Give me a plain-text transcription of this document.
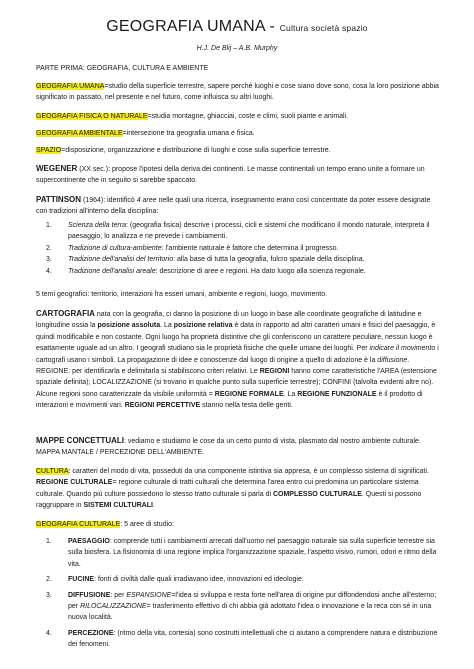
GEOGRAFIA UMANA - Cultura società spazio
H.J. De Blij – A.B. Murphy
PARTE PRIMA: GEOGRAFIA, CULTURA E AMBIENTE
GEOGRAFIA UMANA=studio della superficie terrestre, sapere perché luoghi e cose siano dove sono, cosa la loro posizione abbia significato in passato, nel presente e nel futuro, come influisca su altri luoghi.
GEOGRAFIA FISICA O NATURALE=studia montagne, ghiacciai, coste e climi, suoli piante e animali.
GEOGRAFIA AMBIENTALE=intersezione tra geografia umana e fisica.
SPAZIO=disposizione, organizzazione e distribuzione di luoghi e cose sulla superficie terrestre.
WEGENER (XX sec.): propose l'ipotesi della deriva dei continenti. Le masse continentali un tempo erano unite a formare un supercontinente che in seguito si sarebbe spaccato.
PATTINSON (1964): identificò 4 aree nelle quali una ricerca, insegnamento erano così concentrate da poter essere designate con tradizioni all'interno della disciplina:
1. Scienza della terra: (geografia fisica) descrive i processi, cicli e sistemi che modificano il mondo naturale, interpreta il paesaggio, lo analizza e ne prevede i cambiamenti.
2. Tradizione di cultura-ambiente: l'ambiente naturale è fattore che determina il progresso.
3. Tradizione dell'analisi del territorio: alla base di tutta la geografia, fulcro spaziale della disciplina.
4. Tradizione dell'analisi areale: descrizione di aree e regioni. Ha dato luogo alla scienza regionale.
5 temi geografici: territorio, interazioni fra esseri umani, ambiente e regioni, luogo, movimento.
CARTOGRAFIA nata con la geografia, ci danno la posizione di un luogo in base alle coordinate geografiche di latitudine e longitudine ossia la posizione assoluta. La posizione relativa è data in rapporto ad altri caratteri umani e fisici del paesaggio, è quindi modificabile e non costante. Ogni luogo ha proprietà distintive che gli conferiscono un carattere peculiare, nessun luogo è esattamente uguale ad un altro. I geografi studiano sia le proprietà fisiche che quelle umane dei luoghi. Per indicare il movimento i cartografi usano i simboli. La propagazione di idee e conoscenze dal luogo di origine a quello di adozione è la diffusione. REGIONE: per identificarla e delimitarla si stabiliscono criteri relativi. Le REGIONI hanno come caratteristiche l'AREA (estensione spaziale definita); LOCALIZZAZIONE (si trovano in qualche punto sulla superficie terrestre); CONFINI (talvolta evidenti altre no). Alcune regioni sono caratterizzate da visibile uniformità = REGIONE FORMALE. La REGIONE FUNZIONALE è il prodotto di interazioni e movimenti vari. REGIONI PERCETTIVE stanno nella testa delle genti.
MAPPE CONCETTUALI: vediamo e studiamo le cose da un certo punto di vista, plasmato dal nostro ambiente culturale. MAPPA MANTALE / PERCEZIONE DELL'AMBIENTE.
CULTURA: caratteri del modo di vita, posseduti da una componente istintiva sia appresa, è un complesso sistema di significati. REGIONE CULTURALE= regione culturale di tratti culturali che determina l'area entro cui predomina un particolare sistema culturale. Quando più culture possiedono lo stesso tratto culturale si parla di COMPLESSO CULTURALE. Questi si possono raggruppare in SISTEMI CULTURALI.
GEOGRAFIA CULTURALE: 5 aree di studio:
1. PAESAGGIO: comprende tutti i cambiamenti arrecati dall'uomo nel paesaggio naturale sia sulla superficie terrestre sia sulla biosfera. La fisionomia di una regione implica l'organizzazione spaziale, l'aspetto visivo, rumori, odori e ritmo della vita.
2. FUCINE: fonti di civiltà dalle quali irradiavano idee, innovazioni ed ideologie.
3. DIFFUSIONE: per ESPANSIONE=l'idea si sviluppa e resta forte nell'area di origine pur diffondendosi anche all'esterno; per RILOCALIZZAZIONE= trasferimento effettivo di chi abbia già adottato l'idea o innovazione e la reca con sé in una nuova località.
4. PERCEZIONE: (ritmo della vita, cortesia) sono costrutti intellettuali che ci aiutano a comprendere natura e distribuzione dei fenomeni.
